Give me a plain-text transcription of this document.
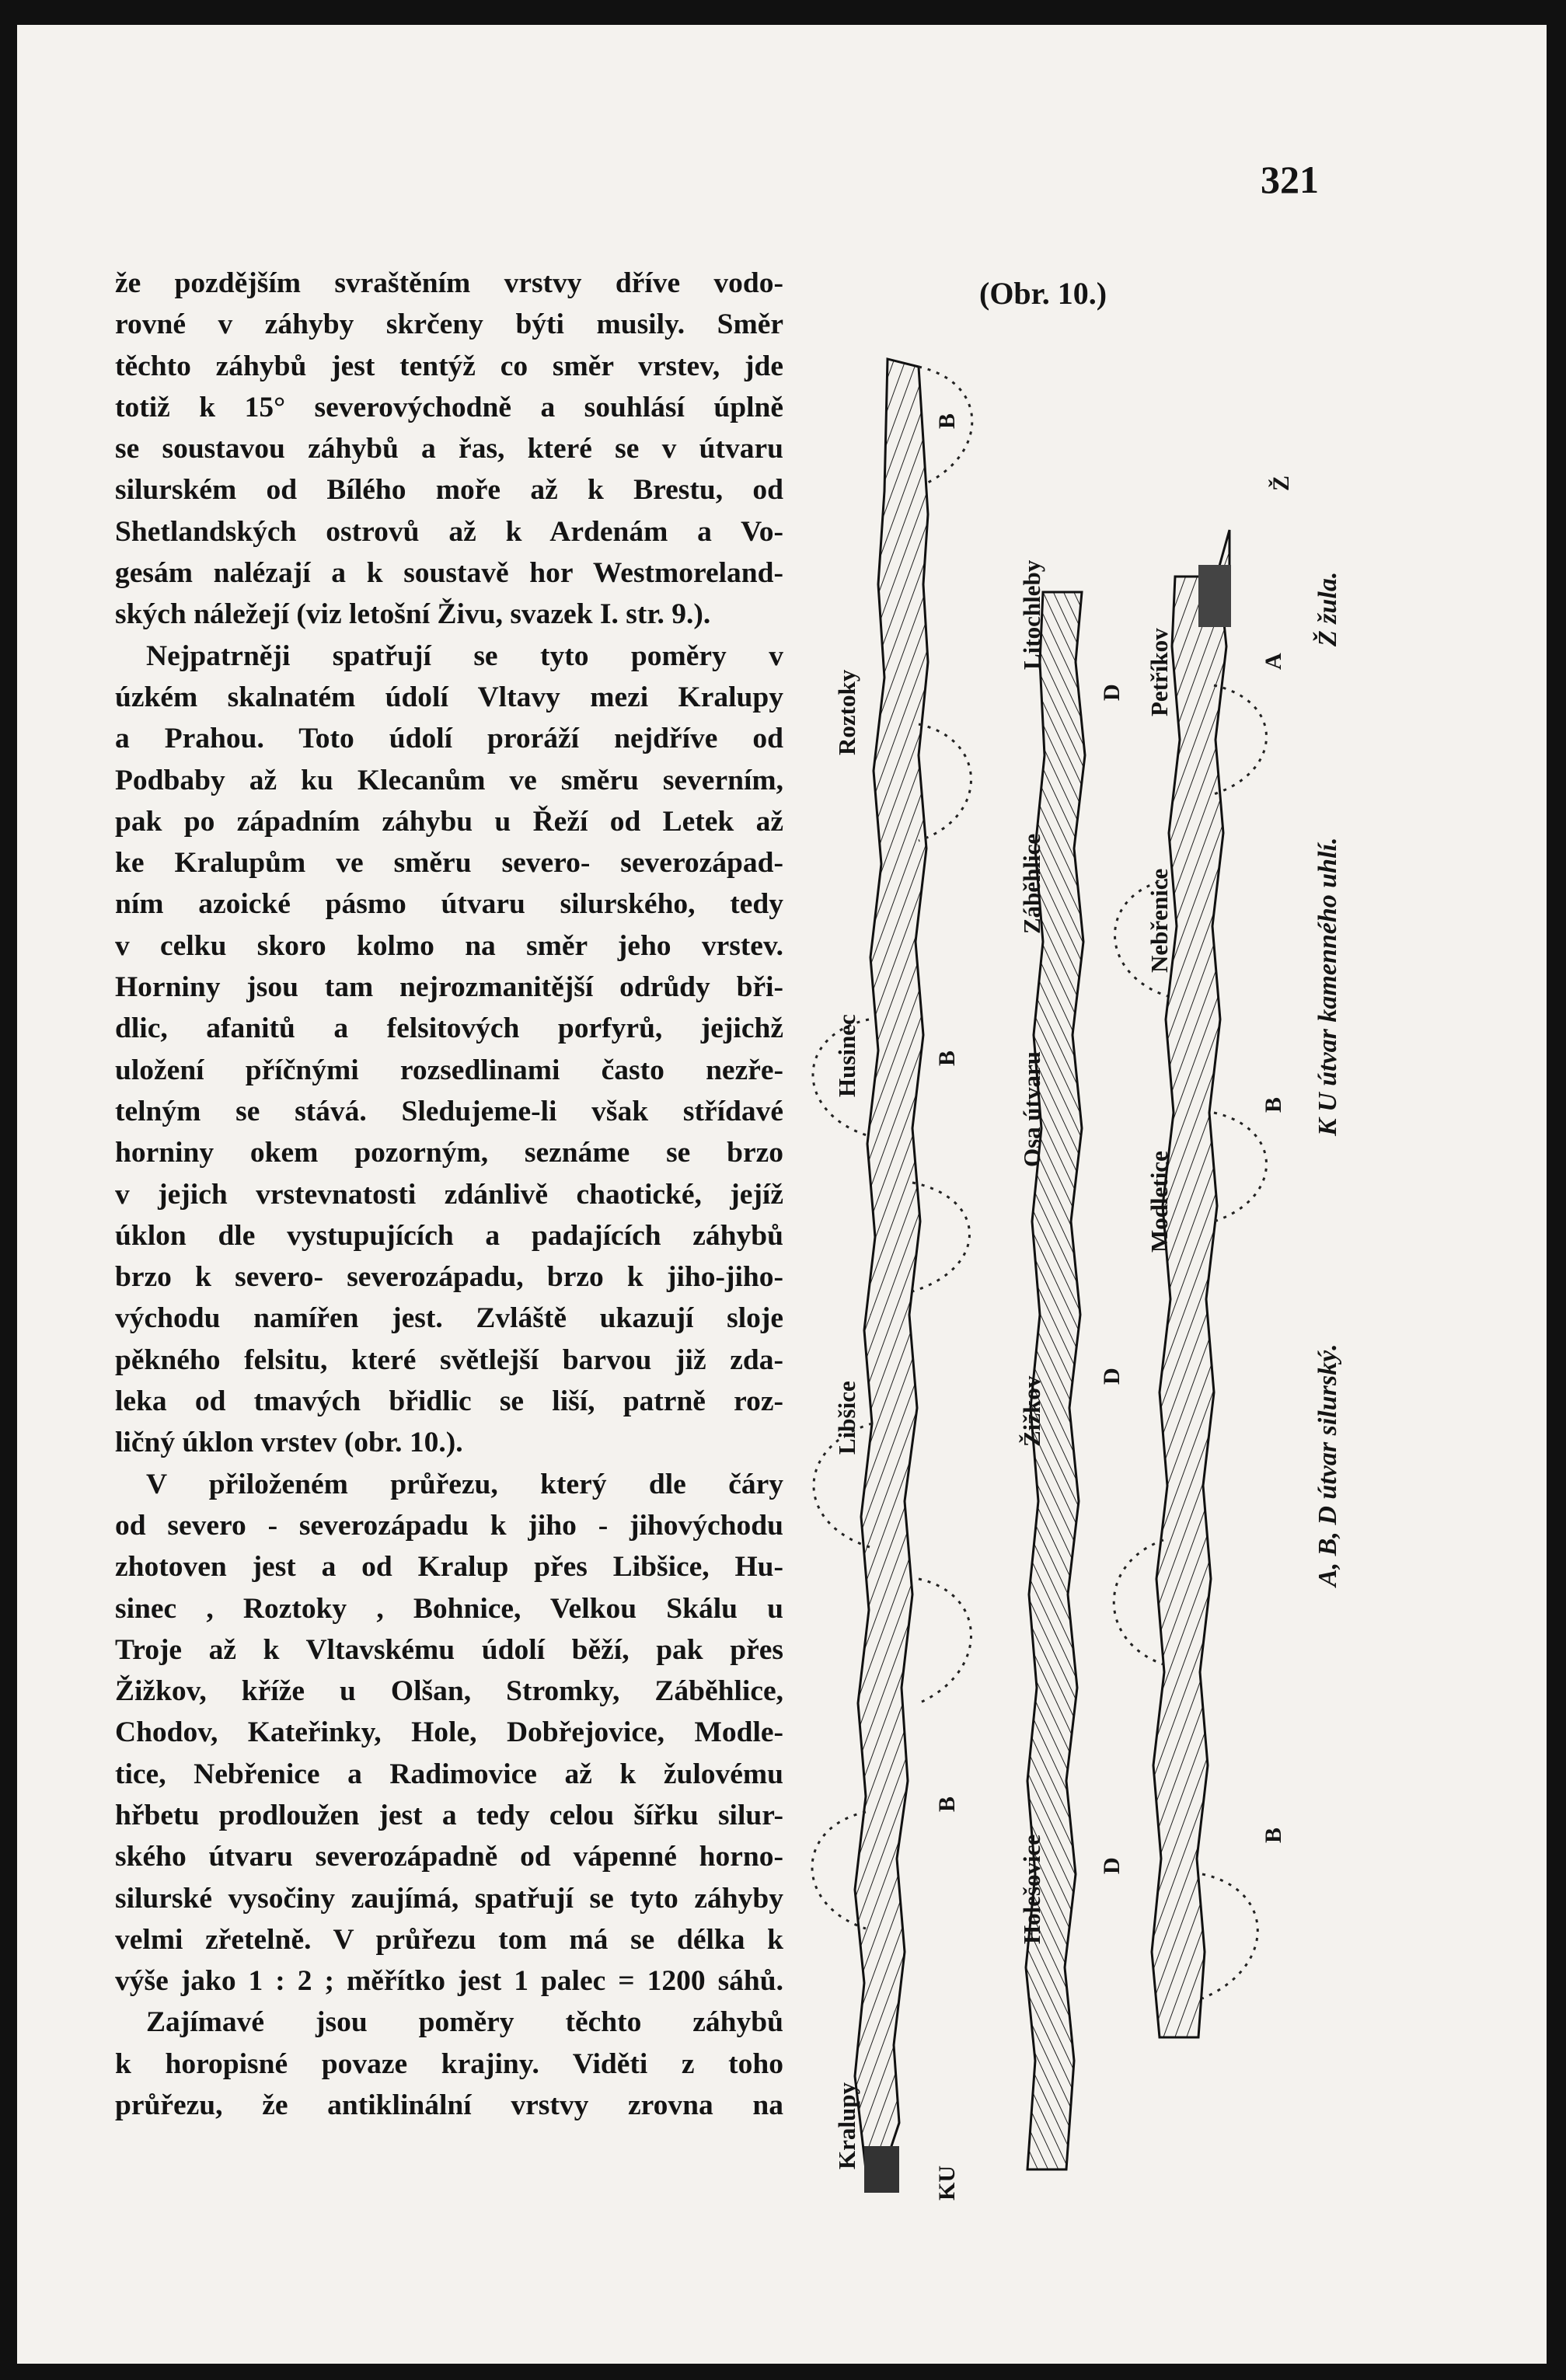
321

že pozdějším svraštěním vrstvy dříve vodo-

rovné v záhyby skrčeny býti musily. Směr

těchto záhybů jest tentýž co směr vrstev, jde

totiž k 15° severovýchodně a souhlásí úplně

se soustavou záhybů a řas, které se v útvaru

silurském od Bílého moře až k Brestu, od

Shetlandských ostrovů až k Ardenám a Vo-

gesám nalézají a k soustavě hor Westmoreland-

ských náležejí (viz letošní Živu, svazek I. str. 9.).

Nejpatrněji spatřují se tyto poměry v

úzkém skalnatém údolí Vltavy mezi Kralupy

a Prahou. Toto údolí proráží nejdříve od

Podbaby až ku Klecanům ve směru severním,

pak po západním záhybu u Řeží od Letek až

ke Kralupům ve směru severo- severozápad-

ním azoické pásmo útvaru silurského, tedy

v celku skoro kolmo na směr jeho vrstev.

Horniny jsou tam nejrozmanitější odrůdy bři-

dlic, afanitů a felsitových porfyrů, jejichž

uložení příčnými rozsedlinami často nezře-

telným se stává. Sledujeme-li však střídavé

horniny okem pozorným, seznáme se brzo

v jejich vrstevnatosti zdánlivě chaotické, jejíž

úklon dle vystupujících a padajících záhybů

brzo k severo- severozápadu, brzo k jiho-jiho-

východu namířen jest. Zvláště ukazují sloje

pěkného felsitu, které světlejší barvou již zda-

leka od tmavých břidlic se liší, patrně roz-

ličný úklon vrstev (obr. 10.).

V přiloženém průřezu, který dle čáry

od severo - severozápadu k jiho - jihovýchodu

zhotoven jest a od Kralup přes Libšice, Hu-

sinec , Roztoky , Bohnice, Velkou Skálu u

Troje až k Vltavskému údolí běží, pak přes

Žižkov, kříže u Olšan, Stromky, Záběhlice,

Chodov, Kateřinky, Hole, Dobřejovice, Modle-

tice, Nebřenice a Radimovice až k žulovému

hřbetu prodloužen jest a tedy celou šířku silur-

ského útvaru severozápadně od vápenné horno-

silurské vysočiny zaujímá, spatřují se tyto záhyby

velmi zřetelně. V průřezu tom má se délka k

výše jako 1 : 2 ; měřítko jest 1 palec = 1200 sáhů.

Zajímavé jsou poměry těchto záhybů

k horopisné povaze krajiny. Viděti z toho

průřezu, že antiklinální vrstvy zrovna na

(Obr. 10.)
Kralupy
Libšice
Husinec
Roztoky
Holešovice
Žižkov
Osa útvaru
Záběhlice
Litochleby
Modletice
Nebřenice
Petříkov
KU
B
B
B
D
D
D
B
B
A
Ž
A, B, D útvar silurský.
K U útvar kamenného uhlí.
Ž žula.
